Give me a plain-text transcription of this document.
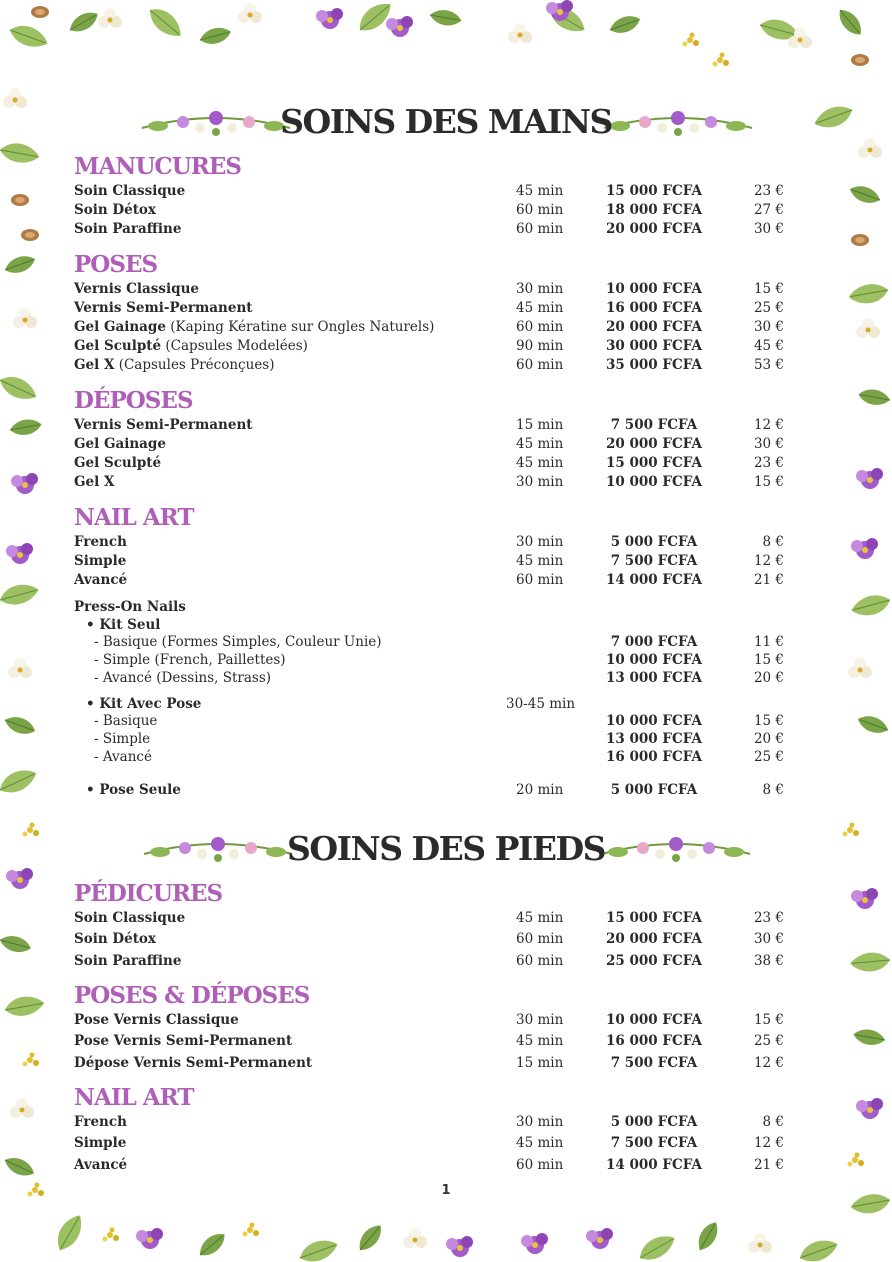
SOINS DES MAINS
MANUCURES
Soin Classique	45 min	15 000 FCFA	23 €
Soin Détox	60 min	18 000 FCFA	27 €
Soin Paraffine	60 min	20 000 FCFA	30 €
POSES
Vernis Classique	30 min	10 000 FCFA	15 €
Vernis Semi-Permanent	45 min	16 000 FCFA	25 €
Gel Gainage (Kaping Kératine sur Ongles Naturels)	60 min	20 000 FCFA	30 €
Gel Sculpté (Capsules Modelées)	90 min	30 000 FCFA	45 €
Gel X (Capsules Préconçues)	60 min	35 000 FCFA	53 €
DÉPOSES
Vernis Semi-Permanent	15 min	7 500 FCFA	12 €
Gel Gainage	45 min	20 000 FCFA	30 €
Gel Sculpté	45 min	15 000 FCFA	23 €
Gel X	30 min	10 000 FCFA	15 €
NAIL ART
French	30 min	5 000 FCFA	8 €
Simple	45 min	7 500 FCFA	12 €
Avancé	60 min	14 000 FCFA	21 €
Press-On Nails
• Kit Seul
- Basique (Formes Simples, Couleur Unie)	7 000 FCFA	11 €
- Simple (French, Paillettes)	10 000 FCFA	15 €
- Avancé (Dessins, Strass)	13 000 FCFA	20 €
• Kit Avec Pose	30-45 min
- Basique	10 000 FCFA	15 €
- Simple	13 000 FCFA	20 €
- Avancé	16 000 FCFA	25 €
• Pose Seule	20 min	5 000 FCFA	8 €
SOINS DES PIEDS
PÉDICURES
Soin Classique	45 min	15 000 FCFA	23 €
Soin Détox	60 min	20 000 FCFA	30 €
Soin Paraffine	60 min	25 000 FCFA	38 €
POSES & DÉPOSES
Pose Vernis Classique	30 min	10 000 FCFA	15 €
Pose Vernis Semi-Permanent	45 min	16 000 FCFA	25 €
Dépose Vernis Semi-Permanent	15 min	7 500 FCFA	12 €
NAIL ART
French	30 min	5 000 FCFA	8 €
Simple	45 min	7 500 FCFA	12 €
Avancé	60 min	14 000 FCFA	21 €
1
